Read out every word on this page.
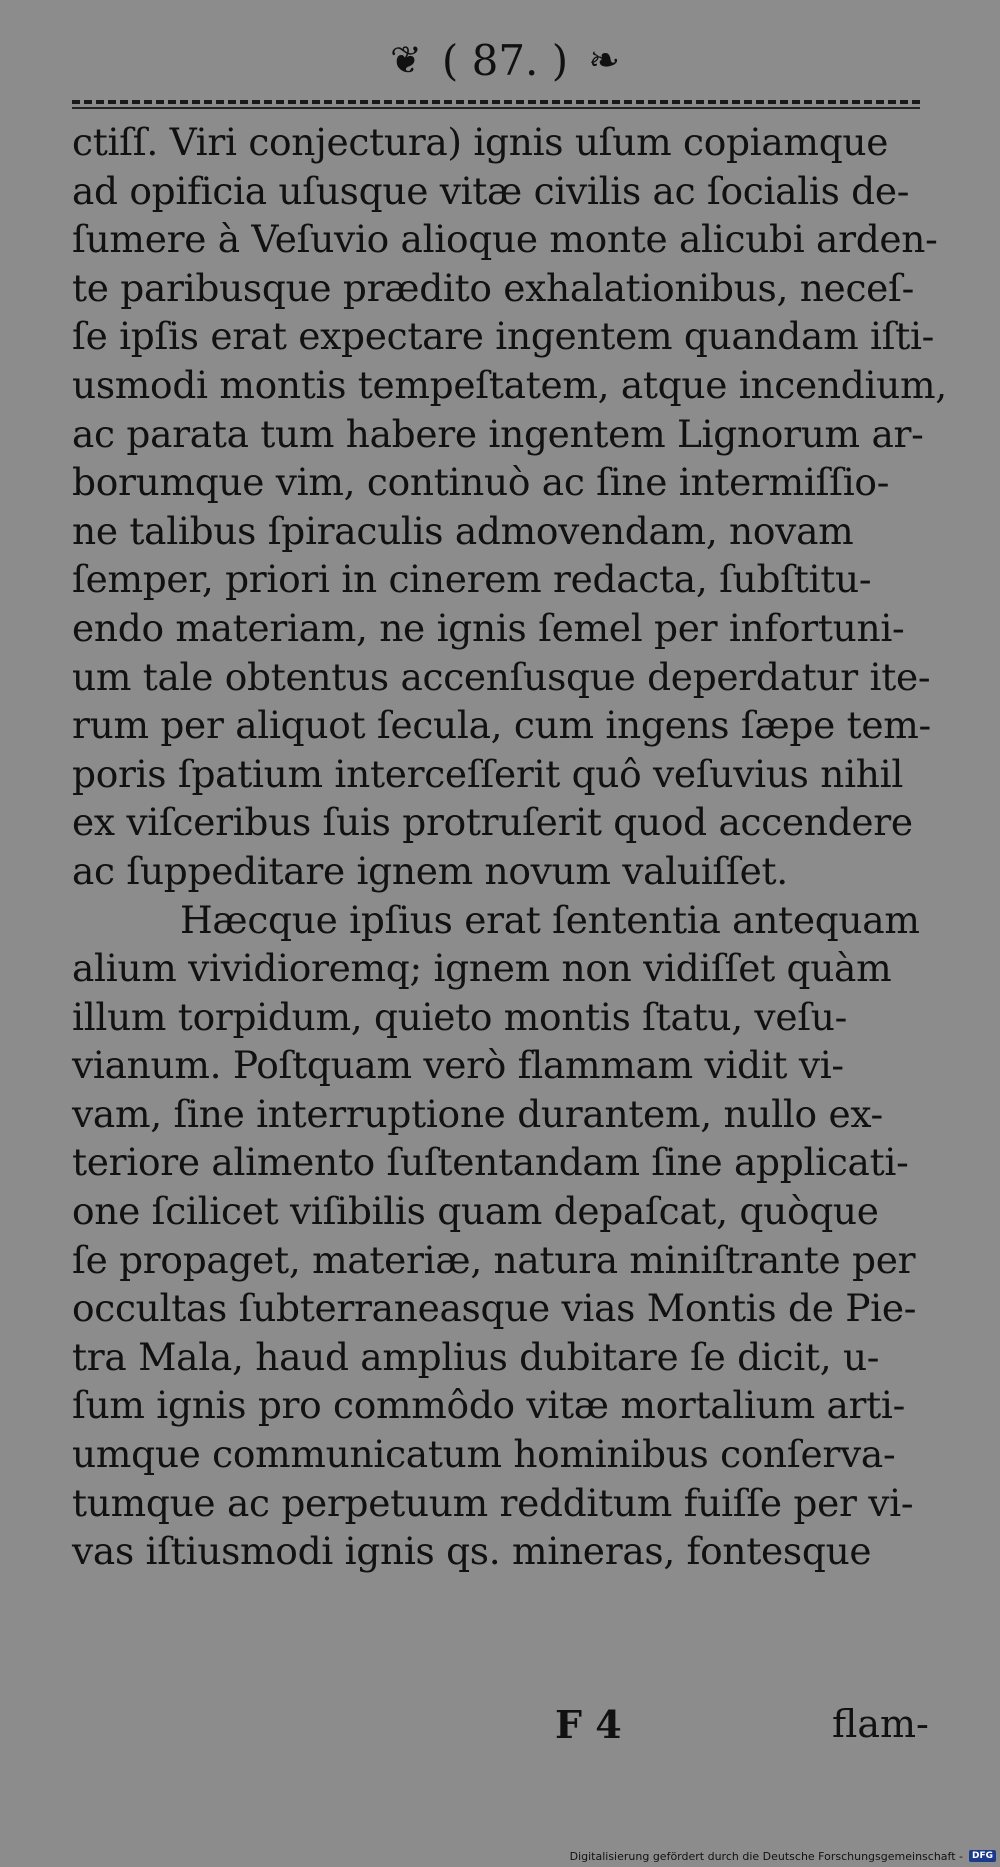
❦ ( 87. ) ❧
ctiſſ. Viri conjectura) ignis uſum copiamque
ad opificia uſusque vitæ civilis ac ſocialis de-
ſumere à Veſuvio alioque monte alicubi arden-
te paribusque prædito exhalationibus, neceſ-
ſe ipſis erat expectare ingentem quandam iſti-
usmodi montis tempeſtatem, atque incendium,
ac parata tum habere ingentem Lignorum ar-
borumque vim, continuò ac ſine intermiſſio-
ne talibus ſpiraculis admovendam, novam
ſemper, priori in cinerem redacta, ſubſtitu-
endo materiam, ne ignis ſemel per infortuni-
um tale obtentus accenſusque deperdatur ite-
rum per aliquot ſecula, cum ingens ſæpe tem-
poris ſpatium interceſſerit quô veſuvius nihil
ex viſceribus ſuis protruſerit quod accendere
ac ſuppeditare ignem novum valuiſſet.
Hæcque ipſius erat ſententia antequam
alium vividioremq; ignem non vidiſſet quàm
illum torpidum, quieto montis ſtatu, veſu-
vianum. Poſtquam verò flammam vidit vi-
vam, ſine interruptione durantem, nullo ex-
teriore alimento ſuſtentandam ſine applicati-
one ſcilicet viſibilis quam depaſcat, quòque
ſe propaget, materiæ, natura miniſtrante per
occultas ſubterraneasque vias Montis de Pie-
tra Mala, haud amplius dubitare ſe dicit, u-
ſum ignis pro commôdo vitæ mortalium arti-
umque communicatum hominibus conſerva-
tumque ac perpetuum redditum fuiſſe per vi-
vas iſtiusmodi ignis qs. mineras, fontesque
F 4	flam-
Digitalisierung gefördert durch die Deutsche Forschungsgemeinschaft -	DFG
